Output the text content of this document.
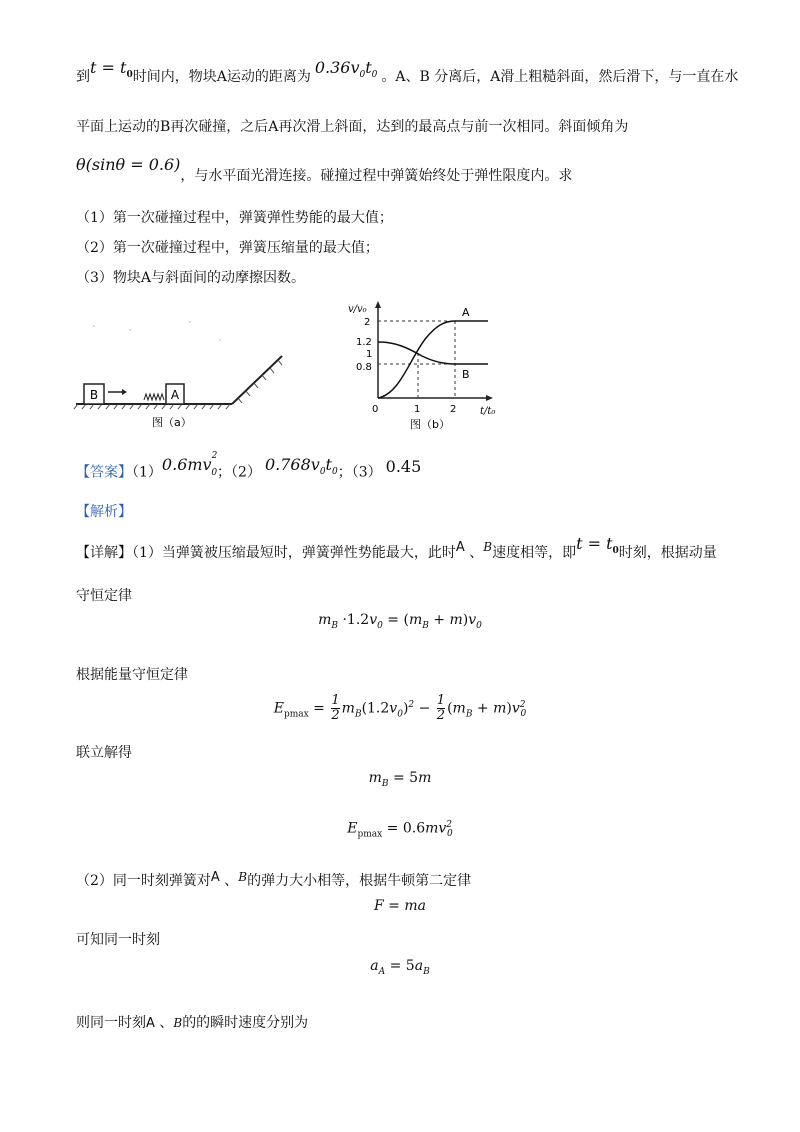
到$t = t_0$时间内，物块A运动的距离为 $0.36v_0t_0$ 。A、B 分离后，A滑上粗糙斜面，然后滑下，与一直在水
平面上运动的B再次碰撞，之后A再次滑上斜面，达到的最高点与前一次相同。斜面倾角为
θ(sinθ = 0.6)，与水平面光滑连接。碰撞过程中弹簧始终处于弹性限度内。求
（1）第一次碰撞过程中，弹簧弹性势能的最大值；
（2）第一次碰撞过程中，弹簧压缩量的最大值；
（3）物块A与斜面间的动摩擦因数。
B	A
图（a）
v/v₀
t/t₀
2
1.2
1
0.8
0	1	2
A
B
图（b）
【答案】$(1)0.6mv^2_0$；（2） $0.768v_0t_0$；（3） 0.45
【解析】
【详解】（1）当弹簧被压缩最短时，弹簧弹性势能最大，此时A 、B速度相等，即$t = t_0$时刻，根据动量
守恒定律
$m_B \cdot 1.2v_0 = (m_B + m)v_0$
根据能量守恒定律
$E_{pmax} = \frac{1}{2} m_B(1.2v_0)^2 - \frac{1}{2} (m_B + m)v^2_0$
联立解得
$m_B = 5m$
$E_{pmax} = 0.6mv^2_0$
（2）同一时刻弹簧对A 、B的弹力大小相等，根据牛顿第二定律
F = ma
可知同一时刻
$a_A = 5a_B$
则同一时刻A 、B的的瞬时速度分别为
